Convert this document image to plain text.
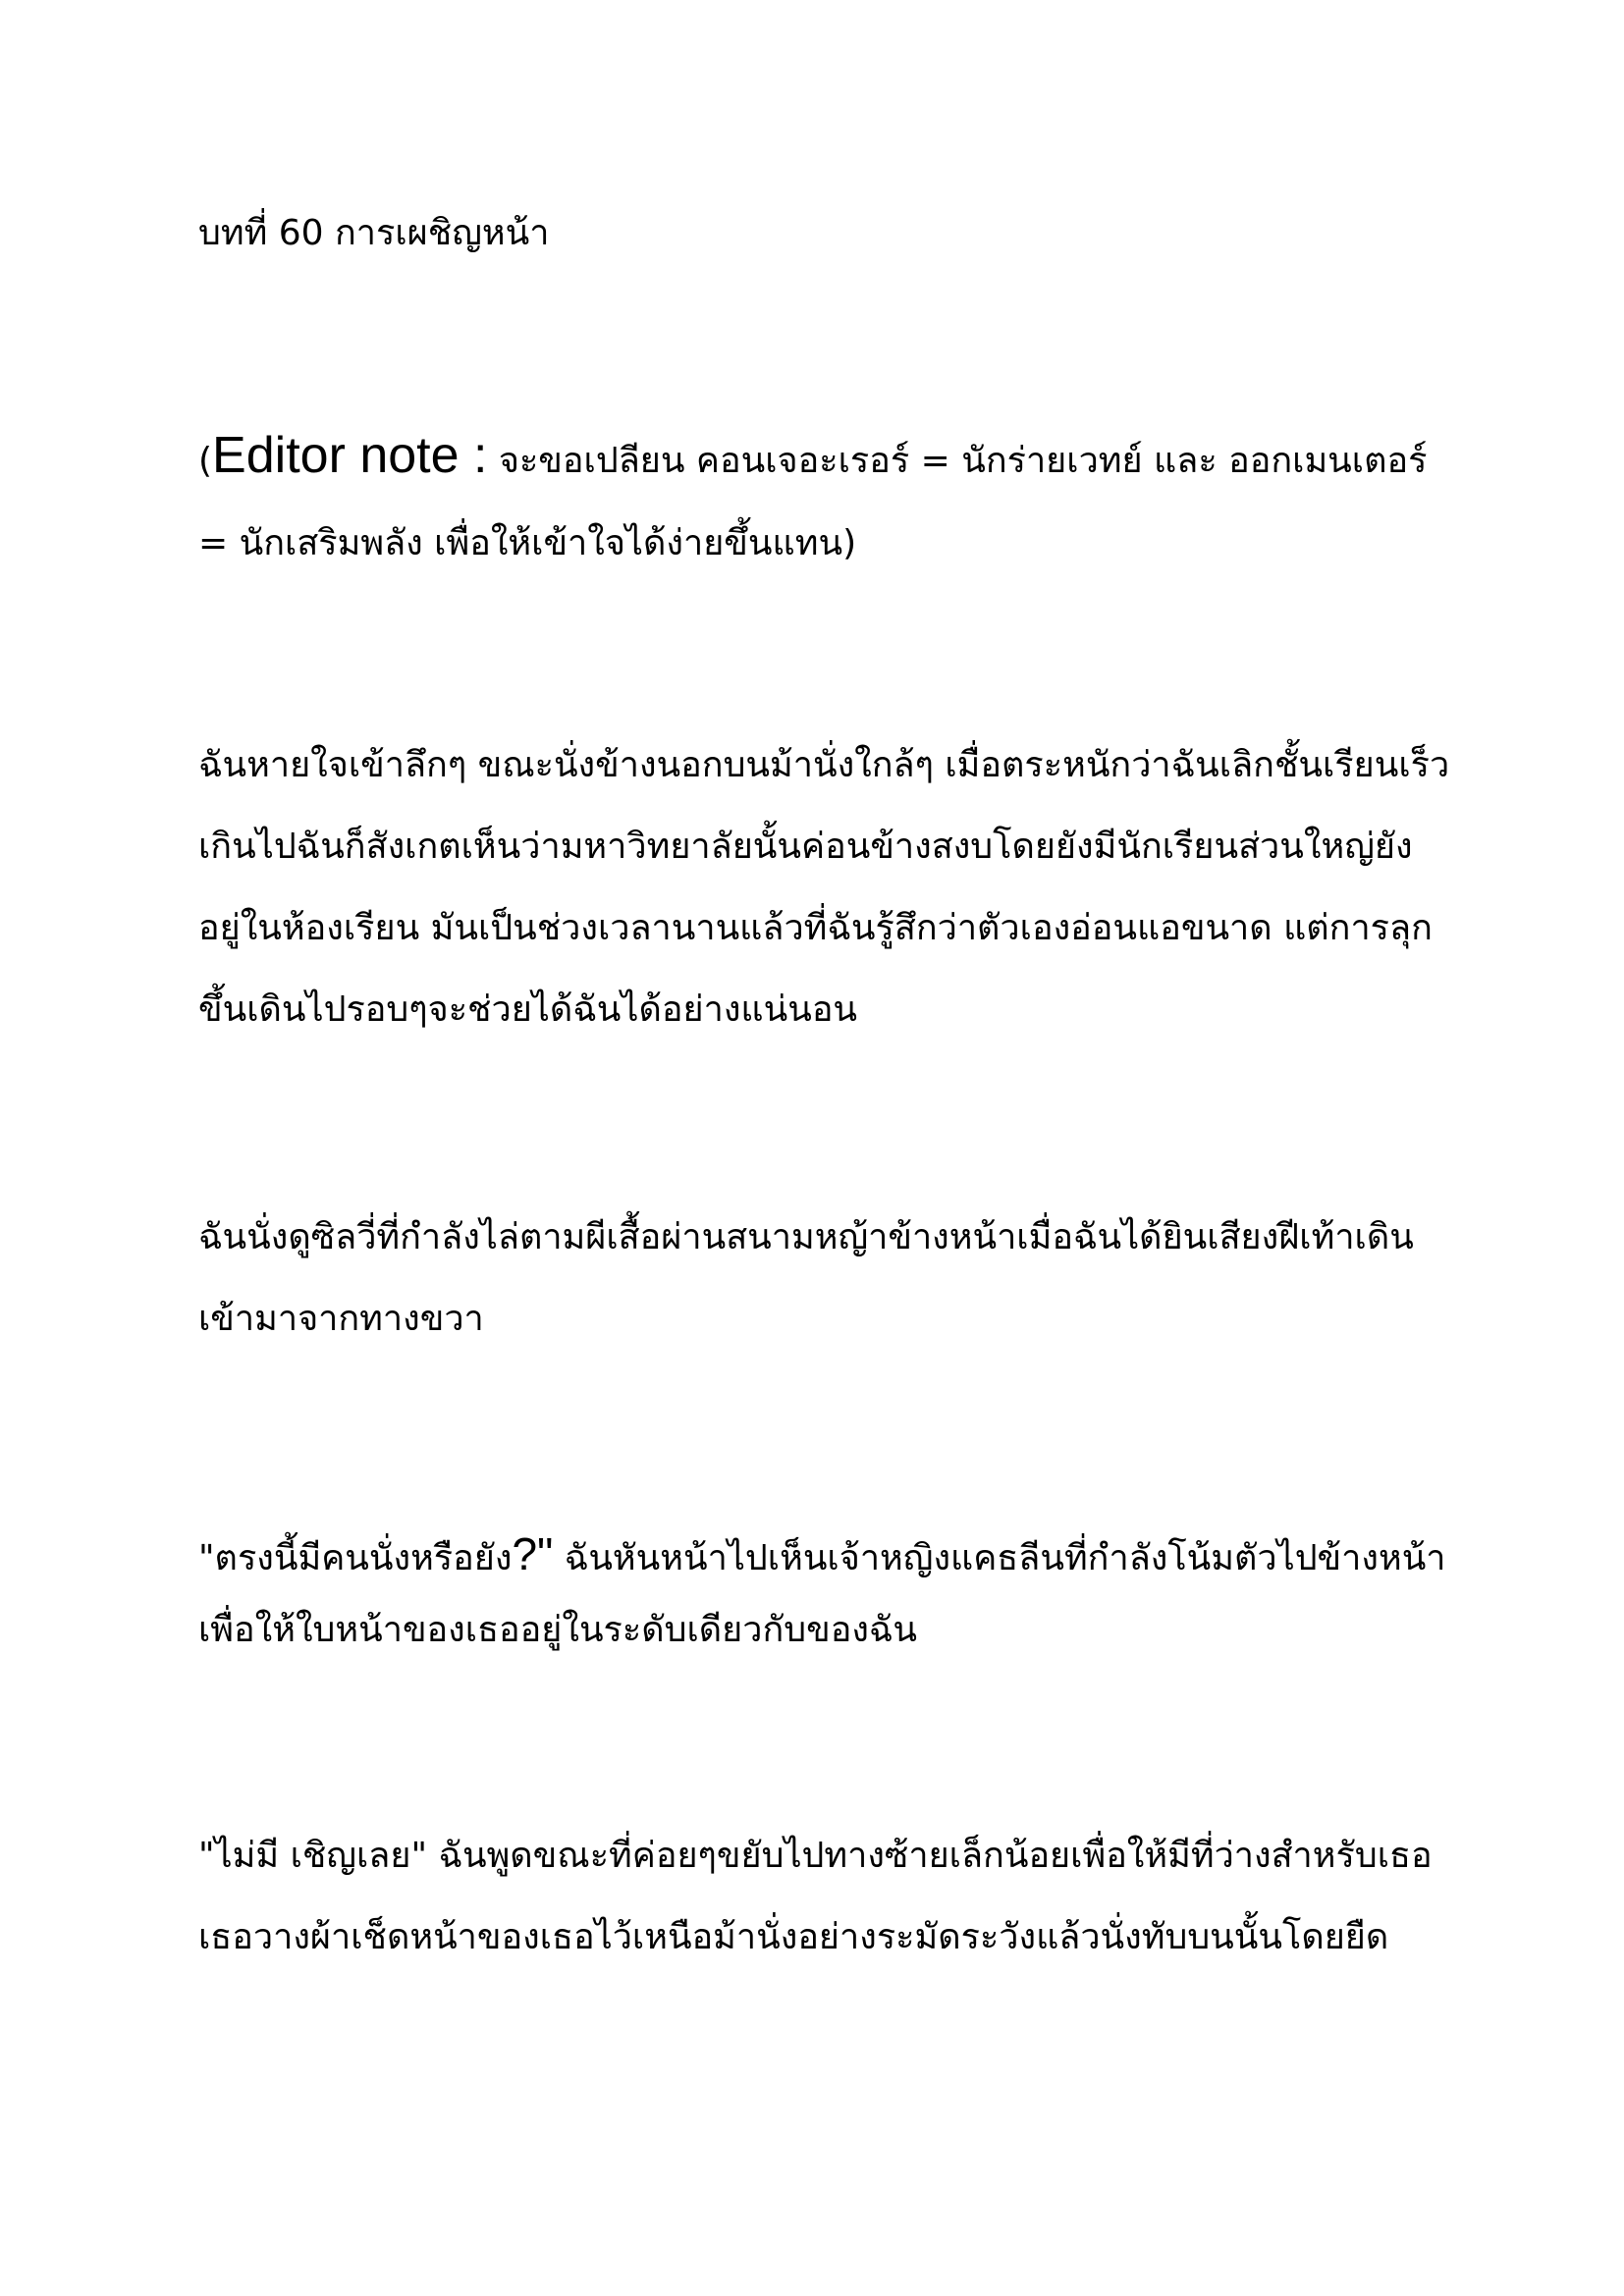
บทที่ 60 การเผชิญหน้า
(Editor note : จะขอเปลียน คอนเจอะเรอร์ = นักร่ายเวทย์ และ ออกเมนเตอร์
= นักเสริมพลัง เพื่อให้เข้าใจได้ง่ายขึ้นแทน)
ฉันหายใจเข้าลึกๆ ขณะนั่งข้างนอกบนม้านั่งใกล้ๆ เมื่อตระหนักว่าฉันเลิกชั้นเรียนเร็ว
เกินไปฉันก็สังเกตเห็นว่ามหาวิทยาลัยนั้นค่อนข้างสงบโดยยังมีนักเรียนส่วนใหญ่ยัง
อยู่ในห้องเรียน มันเป็นช่วงเวลานานแล้วที่ฉันรู้สึกว่าตัวเองอ่อนแอขนาด แต่การลุก
ขึ้นเดินไปรอบๆจะช่วยได้ฉันได้อย่างแน่นอน
ฉันนั่งดูซิลวี่ที่กำลังไล่ตามผีเสื้อผ่านสนามหญ้าข้างหน้าเมื่อฉันได้ยินเสียงฝีเท้าเดิน
เข้ามาจากทางขวา
"ตรงนี้มีคนนั่งหรือยัง?" ฉันหันหน้าไปเห็นเจ้าหญิงแคธลีนที่กำลังโน้มตัวไปข้างหน้า
เพื่อให้ใบหน้าของเธออยู่ในระดับเดียวกับของฉัน
"ไม่มี เชิญเลย" ฉันพูดขณะที่ค่อยๆขยับไปทางซ้ายเล็กน้อยเพื่อให้มีที่ว่างสำหรับเธอ
เธอวางผ้าเช็ดหน้าของเธอไว้เหนือม้านั่งอย่างระมัดระวังแล้วนั่งทับบนนั้นโดยยืด
